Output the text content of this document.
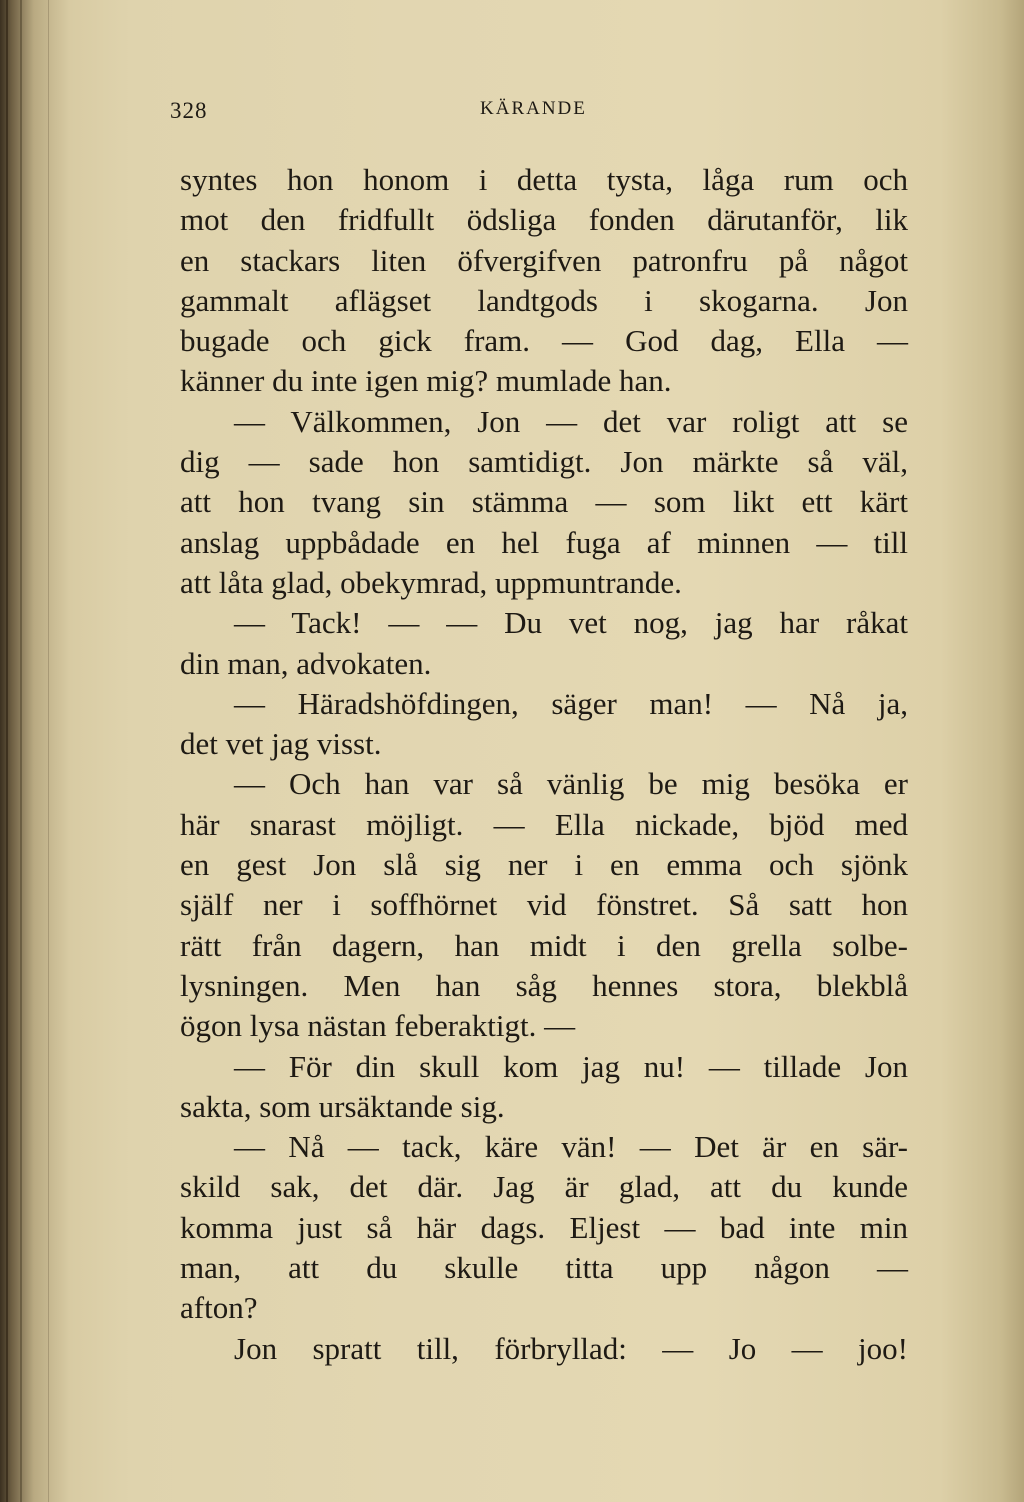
328	KÄRANDE
syntes hon honom i detta tysta, låga rum och
mot den fridfullt ödsliga fonden därutanför, lik
en stackars liten öfvergifven patronfru på något
gammalt aflägset landtgods i skogarna. Jon
bugade och gick fram. — God dag, Ella —
känner du inte igen mig? mumlade han.
— Välkommen, Jon — det var roligt att se
dig — sade hon samtidigt. Jon märkte så väl,
att hon tvang sin stämma — som likt ett kärt
anslag uppbådade en hel fuga af minnen — till
att låta glad, obekymrad, uppmuntrande.
— Tack! — — Du vet nog, jag har råkat
din man, advokaten.
— Häradshöfdingen, säger man! — Nå ja,
det vet jag visst.
— Och han var så vänlig be mig besöka er
här snarast möjligt. — Ella nickade, bjöd med
en gest Jon slå sig ner i en emma och sjönk
själf ner i soffhörnet vid fönstret. Så satt hon
rätt från dagern, han midt i den grella solbe-
lysningen. Men han såg hennes stora, blekblå
ögon lysa nästan feberaktigt. —
— För din skull kom jag nu! — tillade Jon
sakta, som ursäktande sig.
— Nå — tack, käre vän! — Det är en sär-
skild sak, det där. Jag är glad, att du kunde
komma just så här dags. Eljest — bad inte min
man, att du skulle titta upp någon —
afton?
Jon spratt till, förbryllad: — Jo — joo!
